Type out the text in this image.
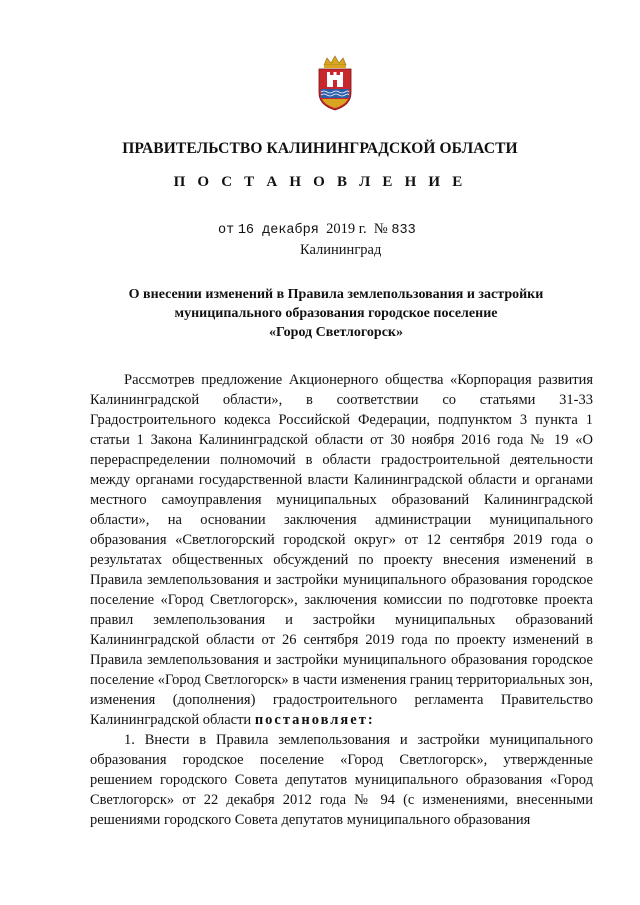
ПРАВИТЕЛЬСТВО КАЛИНИНГРАДСКОЙ ОБЛАСТИ
П О С Т А Н О В Л Е Н И Е
от 16 декабря 2019 г. № 833
Калининград
О внесении изменений в Правила землепользования и застройки
муниципального образования городское поселение
«Город Светлогорск»

Рассмотрев предложение Акционерного общества «Корпорация развития Калининградской области», в соответствии со статьями 31-33 Градостроительного кодекса Российской Федерации, подпунктом 3 пункта 1 статьи 1 Закона Калининградской области от 30 ноября 2016 года № 19 «О перераспределении полномочий в области градостроительной деятельности между органами государственной власти Калининградской области и органами местного самоуправления муниципальных образований Калининградской области», на основании заключения администрации муниципального образования «Светлогорский городской округ» от 12 сентября 2019 года о результатах общественных обсуждений по проекту внесения изменений в Правила землепользования и застройки муниципального образования городское поселение «Город Светлогорск», заключения комиссии по подготовке проекта правил землепользования и застройки муниципальных образований Калининградской области от 26 сентября 2019 года по проекту изменений в Правила землепользования и застройки муниципального образования городское поселение «Город Светлогорск» в части изменения границ территориальных зон, изменения (дополнения) градостроительного регламента Правительство Калининградской области постановляет:

1. Внести в Правила землепользования и застройки муниципального образования городское поселение «Город Светлогорск», утвержденные решением городского Совета депутатов муниципального образования «Город Светлогорск» от 22 декабря 2012 года № 94 (с изменениями, внесенными решениями городского Совета депутатов муниципального образования
